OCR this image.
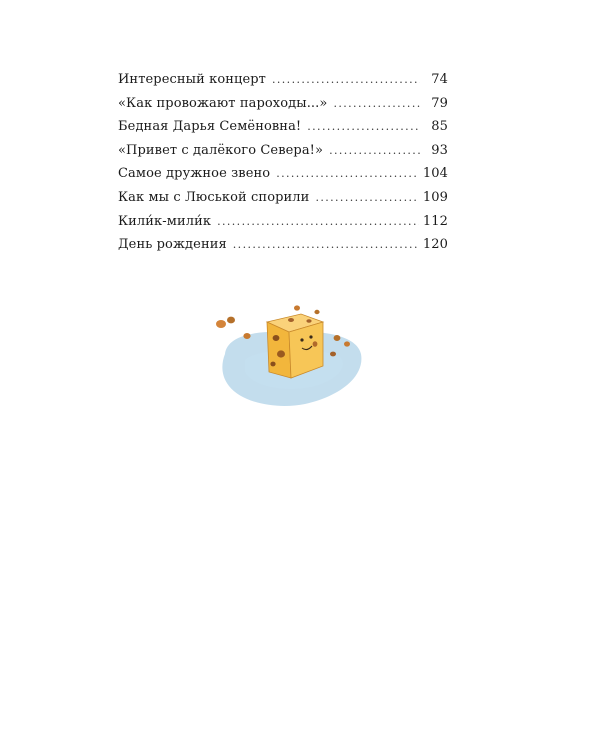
Интересный концерт .....	74
«Как провожают пароходы...» .....	79
Бедная Дарья Семёновна! .....	85
«Привет с далёкого Севера!» .....	93
Самое дружное звено .....	104
Как мы с Люськой спорили .....	109
Кили́к-мили́к .....	112
День рождения .....	120
